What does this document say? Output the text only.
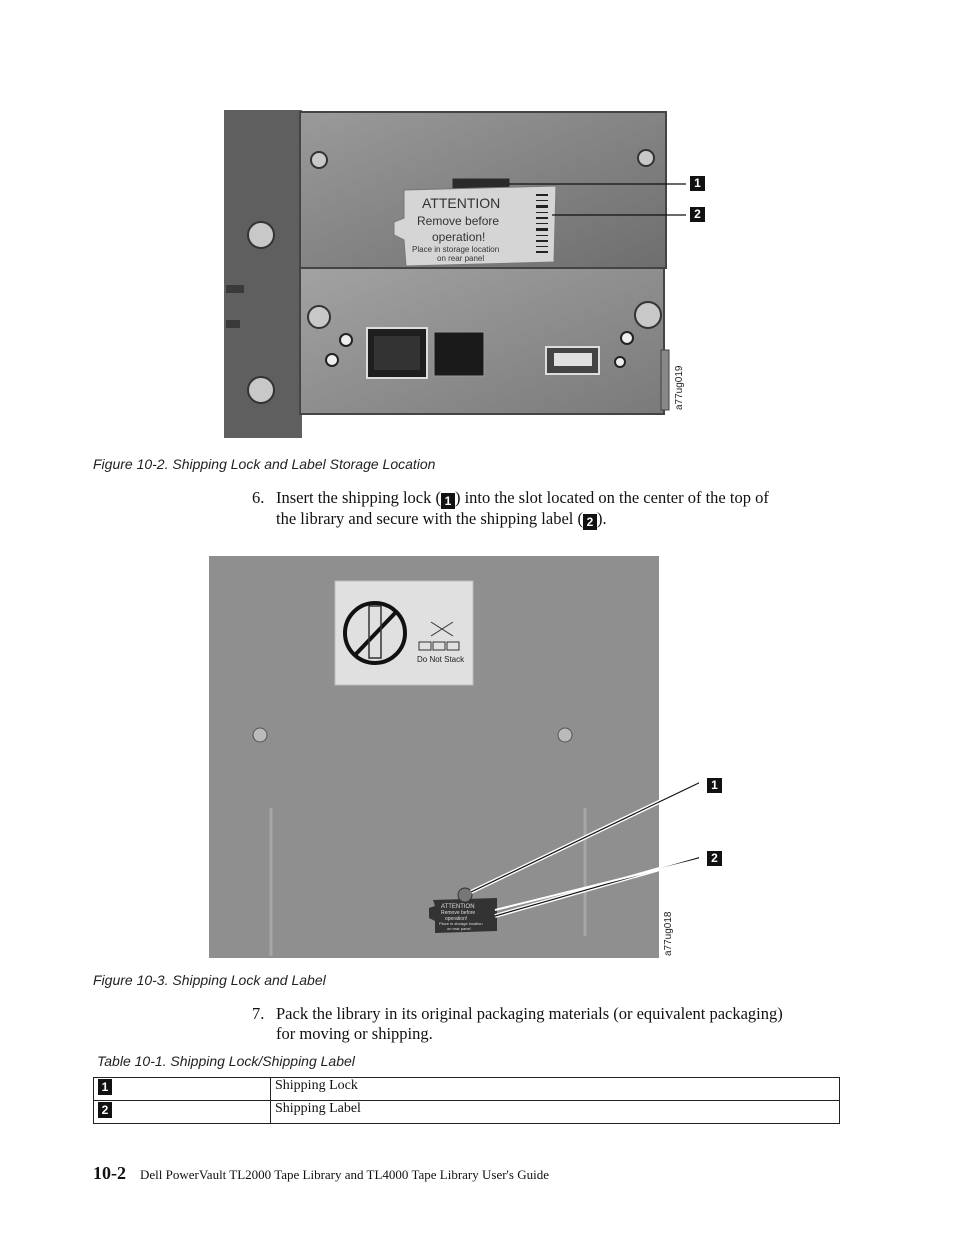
ATTENTION
Remove before
operation!
Place in storage location
on rear panel
a77ug019
1
2
Figure 10-2. Shipping Lock and Label Storage Location
6. Insert the shipping lock ( 1 ) into the slot located on the center of the top of
the library and secure with the shipping label ( 2 ).
Do Not Stack
ATTENTION
Remove before
operation!
Place in storage location
on rear panel	a77ug018
1
2
Figure 10-3. Shipping Lock and Label
7. Pack the library in its original packaging materials (or equivalent packaging)
for moving or shipping.
Table 10-1. Shipping Lock/Shipping Label
1	Shipping Lock
2	Shipping Label
10-2 Dell PowerVault TL2000 Tape Library and TL4000 Tape Library User's Guide
